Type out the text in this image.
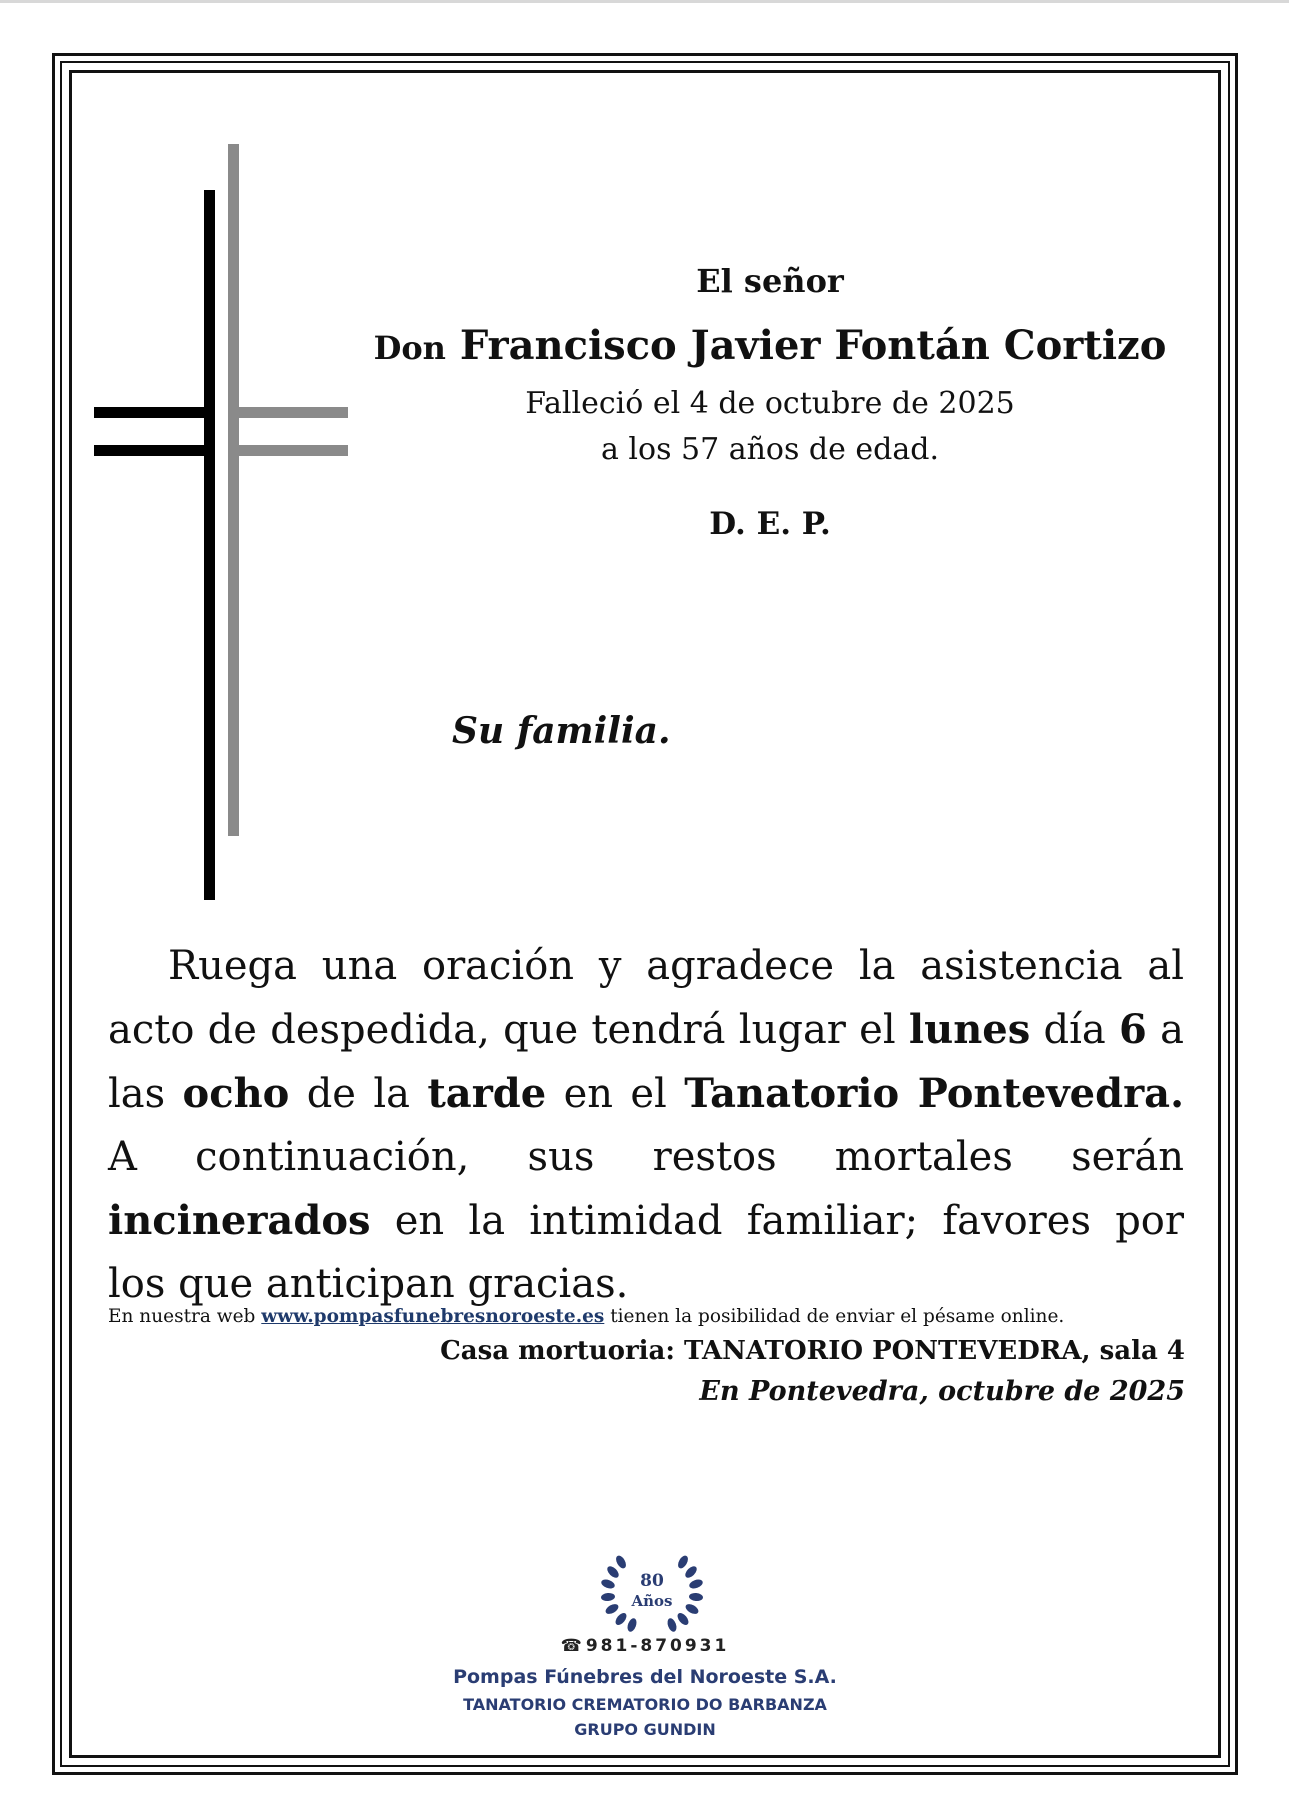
El señor
Don Francisco Javier Fontán Cortizo
Falleció el 4 de octubre de 2025
a los 57 años de edad.
D. E. P.
Su familia.

Ruega una oración y agradece la asistencia al acto de despedida, que tendrá lugar el lunes día 6 a las ocho de la tarde en el Tanatorio Pontevedra. A continuación, sus restos mortales serán incinerados en la intimidad familiar; favores por los que anticipan gracias.

En nuestra web www.pompasfunebresnoroeste.es tienen la posibilidad de enviar el pésame online.
Casa mortuoria: TANATORIO PONTEVEDRA, sala 4
En Pontevedra, octubre de 2025
80
Años
☎ 981-870931
Pompas Fúnebres del Noroeste S.A.
TANATORIO CREMATORIO DO BARBANZA
GRUPO GUNDIN
